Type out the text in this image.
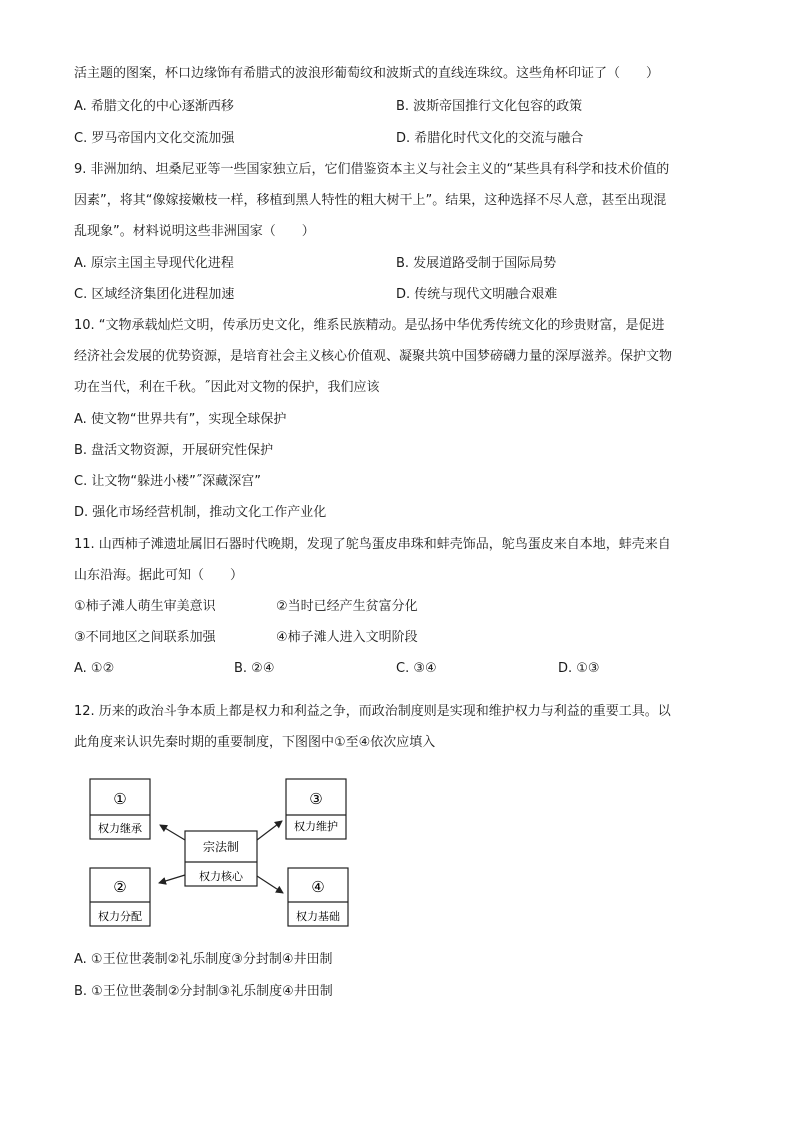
活主题的图案，杯口边缘饰有希腊式的波浪形葡萄纹和波斯式的直线连珠纹。这些角杯印证了（　　）
A. 希腊文化的中心逐渐西移	B. 波斯帝国推行文化包容的政策
C. 罗马帝国内文化交流加强	D. 希腊化时代文化的交流与融合
9. 非洲加纳、坦桑尼亚等一些国家独立后，它们借鉴资本主义与社会主义的“某些具有科学和技术价值的
因素”，将其“像嫁接嫩枝一样，移植到黑人特性的粗大树干上”。结果，这种选择不尽人意，甚至出现混
乱现象”。材料说明这些非洲国家（　　）
A. 原宗主国主导现代化进程	B. 发展道路受制于国际局势
C. 区域经济集团化进程加速	D. 传统与现代文明融合艰难
10. “文物承载灿烂文明，传承历史文化，维系民族精动。是弘扬中华优秀传统文化的珍贵财富，是促进
经济社会发展的优势资源，是培育社会主义核心价值观、凝聚共筑中国梦磅礴力量的深厚滋养。保护文物
功在当代，利在千秋。˝因此对文物的保护，我们应该
A. 使文物“世界共有”，实现全球保护
B. 盘活文物资源，开展研究性保护
C. 让文物“躲进小楼”˝深藏深宫”
D. 强化市场经营机制，推动文化工作产业化
11. 山西柿子滩遗址属旧石器时代晚期，发现了鸵鸟蛋皮串珠和蚌壳饰品，鸵鸟蛋皮来自本地，蚌壳来自
山东沿海。据此可知（　　）
①柿子滩人萌生审美意识	②当时已经产生贫富分化
③不同地区之间联系加强	④柿子滩人进入文明阶段
A. ①②	B. ②④	C. ③④	D. ①③
12. 历来的政治斗争本质上都是权力和利益之争，而政治制度则是实现和维护权力与利益的重要工具。以
此角度来认识先秦时期的重要制度，下图图中①至④依次应填入
①
权力继承
③
权力维护
宗法制
权力核心
②
权力分配
④
权力基础
A. ①王位世袭制②礼乐制度③分封制④井田制
B. ①王位世袭制②分封制③礼乐制度④井田制
